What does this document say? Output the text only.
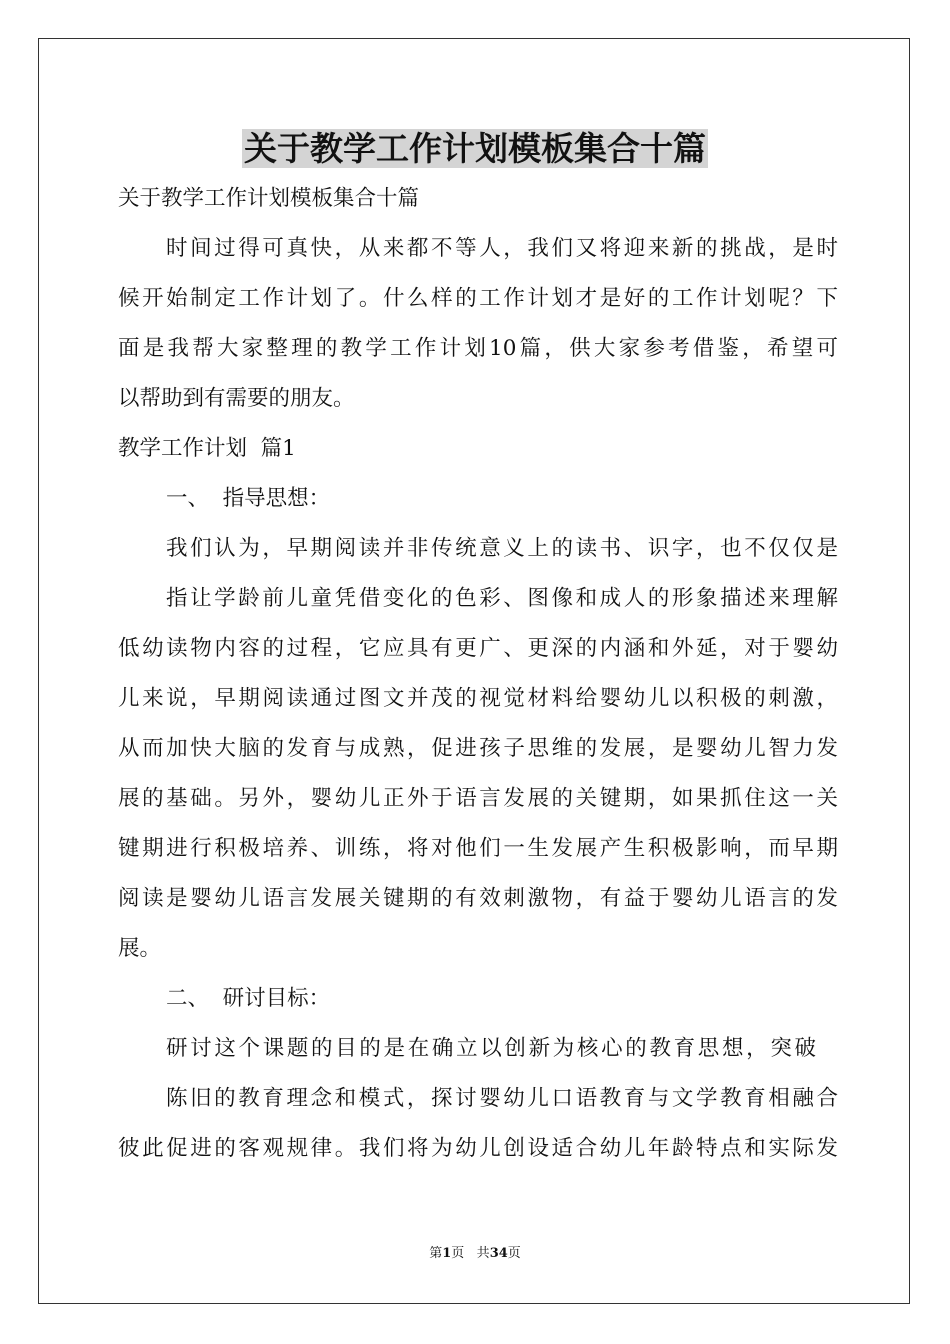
关于教学工作计划模板集合十篇
关于教学工作计划模板集合十篇
时间过得可真快，从来都不等人，我们又将迎来新的挑战，是时
候开始制定工作计划了。什么样的工作计划才是好的工作计划呢？下
面是我帮大家整理的教学工作计划10篇，供大家参考借鉴，希望可
以帮助到有需要的朋友。
教学工作计划  篇1
一、  指导思想：
我们认为，早期阅读并非传统意义上的读书、识字，也不仅仅是
指让学龄前儿童凭借变化的色彩、图像和成人的形象描述来理解
低幼读物内容的过程，它应具有更广、更深的内涵和外延，对于婴幼
儿来说，早期阅读通过图文并茂的视觉材料给婴幼儿以积极的刺激，
从而加快大脑的发育与成熟，促进孩子思维的发展，是婴幼儿智力发
展的基础。另外，婴幼儿正外于语言发展的关键期，如果抓住这一关
键期进行积极培养、训练，将对他们一生发展产生积极影响，而早期
阅读是婴幼儿语言发展关键期的有效刺激物，有益于婴幼儿语言的发
展。
二、  研讨目标：
研讨这个课题的目的是在确立以创新为核心的教育思想，突破
陈旧的教育理念和模式，探讨婴幼儿口语教育与文学教育相融合
彼此促进的客观规律。我们将为幼儿创设适合幼儿年龄特点和实际发
第1页 共34页
